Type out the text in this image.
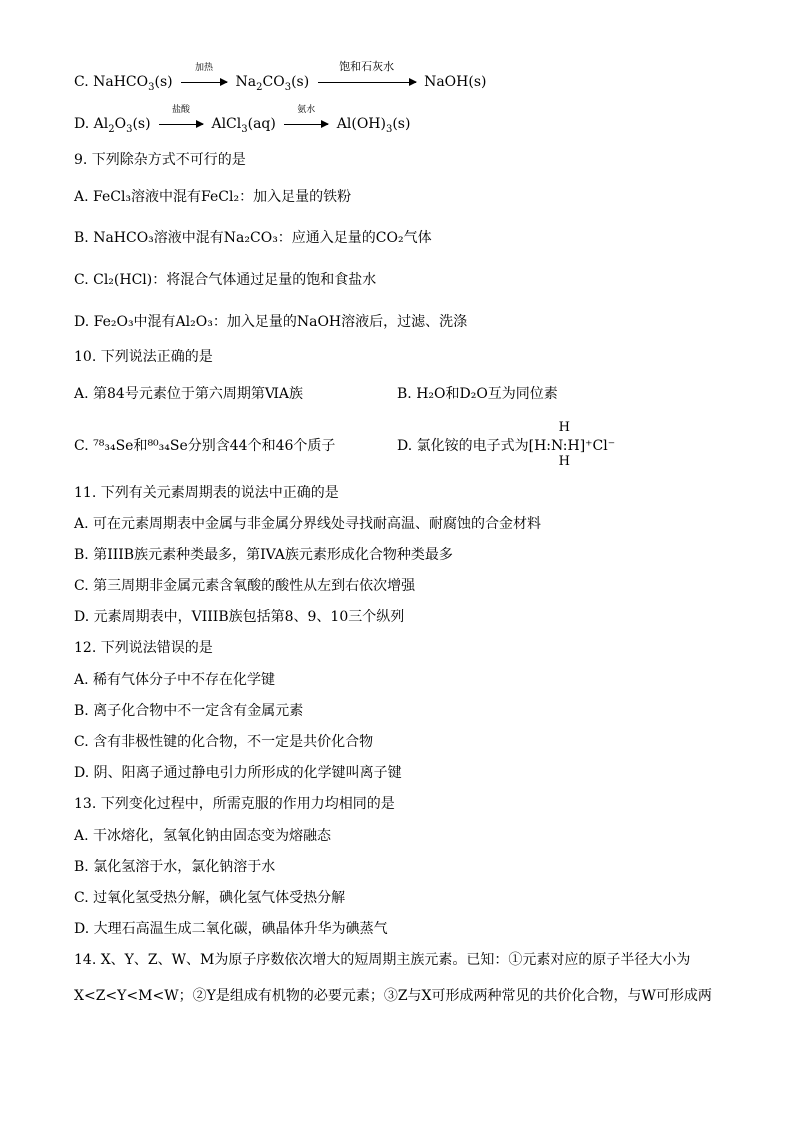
C. NaHCO$_3$(s)
加热
$Na_2CO_3(s)$
饱和石灰水
NaOH(s)
D. $Al_2O_3(s)$
盐酸
AlCl$_3$(aq)
氨水
$Al(OH)_3(s)$
9. 下列除杂方式不可行的是
A. FeCl₃溶液中混有FeCl₂：加入足量的铁粉
B. NaHCO₃溶液中混有Na₂CO₃：应通入足量的CO₂气体
C. Cl₂(HCl)：将混合气体通过足量的饱和食盐水
D. Fe₂O₃中混有Al₂O₃：加入足量的NaOH溶液后，过滤、洗涤
10. 下列说法正确的是
A. 第84号元素位于第六周期第ⅥA族	B. H₂O和D₂O互为同位素
C. ⁷⁸₃₄Se和⁸⁰₃₄Se分别含44个和46个质子	D. 氯化铵的电子式为
H
[H:N:H]⁺Cl⁻
H
11. 下列有关元素周期表的说法中正确的是
A. 可在元素周期表中金属与非金属分界线处寻找耐高温、耐腐蚀的合金材料
B. 第IIIB族元素种类最多，第IVA族元素形成化合物种类最多
C. 第三周期非金属元素含氧酸的酸性从左到右依次增强
D. 元素周期表中，VIIIB族包括第8、9、10三个纵列
12. 下列说法错误的是
A. 稀有气体分子中不存在化学键
B. 离子化合物中不一定含有金属元素
C. 含有非极性键的化合物，不一定是共价化合物
D. 阴、阳离子通过静电引力所形成的化学键叫离子键
13. 下列变化过程中，所需克服的作用力均相同的是
A. 干冰熔化，氢氧化钠由固态变为熔融态
B. 氯化氢溶于水，氯化钠溶于水
C. 过氧化氢受热分解，碘化氢气体受热分解
D. 大理石高温生成二氧化碳，碘晶体升华为碘蒸气
14. X、Y、Z、W、M为原子序数依次增大的短周期主族元素。已知：①元素对应的原子半径大小为
X<Z<Y<M<W；②Y是组成有机物的必要元素；③Z与X可形成两种常见的共价化合物，与W可形成两
